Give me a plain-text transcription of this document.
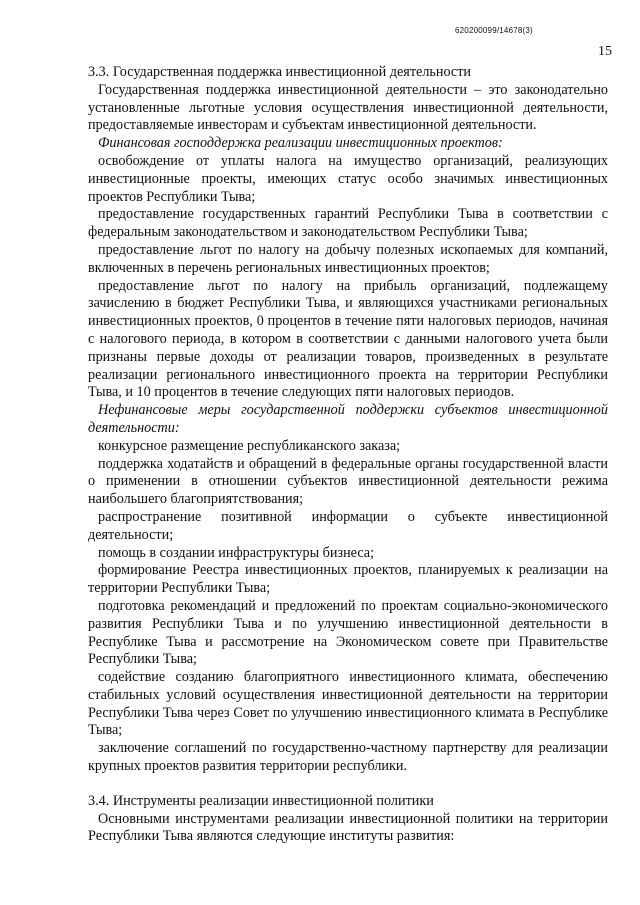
620200099/14678(3)
15

3.3. Государственная поддержка инвестиционной деятельности

Государственная поддержка инвестиционной деятельности – это законодательно установленные льготные условия осуществления инвестиционной деятельности, предоставляемые инвесторам и субъектам инвестиционной деятельности.

Финансовая господдержка реализации инвестиционных проектов:

освобождение от уплаты налога на имущество организаций, реализующих инвестиционные проекты, имеющих статус особо значимых инвестиционных проектов Республики Тыва;

предоставление государственных гарантий Республики Тыва в соответствии с федеральным законодательством и законодательством Республики Тыва;

предоставление льгот по налогу на добычу полезных ископаемых для компаний, включенных в перечень региональных инвестиционных проектов;

предоставление льгот по налогу на прибыль организаций, подлежащему зачислению в бюджет Республики Тыва, и являющихся участниками региональных инвестиционных проектов, 0 процентов в течение пяти налоговых периодов, начиная с налогового периода, в котором в соответствии с данными налогового учета были признаны первые доходы от реализации товаров, произведенных в результате реализации регионального инвестиционного проекта на территории Республики Тыва, и 10 процентов в течение следующих пяти налоговых периодов.

Нефинансовые меры государственной поддержки субъектов инвестиционной деятельности:

конкурсное размещение республиканского заказа;

поддержка ходатайств и обращений в федеральные органы государственной власти о применении в отношении субъектов инвестиционной деятельности режима наибольшего благоприятствования;

распространение позитивной информации о субъекте инвестиционной деятельности;

помощь в создании инфраструктуры бизнеса;

формирование Реестра инвестиционных проектов, планируемых к реализации на территории Республики Тыва;

подготовка рекомендаций и предложений по проектам социально-экономического развития Республики Тыва и по улучшению инвестиционной деятельности в Республике Тыва и рассмотрение на Экономическом совете при Правительстве Республики Тыва;

содействие созданию благоприятного инвестиционного климата, обеспечению стабильных условий осуществления инвестиционной деятельности на территории Республики Тыва через Совет по улучшению инвестиционного климата в Республике Тыва;

заключение соглашений по государственно-частному партнерству для реализации крупных проектов развития территории республики.

3.4. Инструменты реализации инвестиционной политики

Основными инструментами реализации инвестиционной политики на территории Республики Тыва являются следующие институты развития:
